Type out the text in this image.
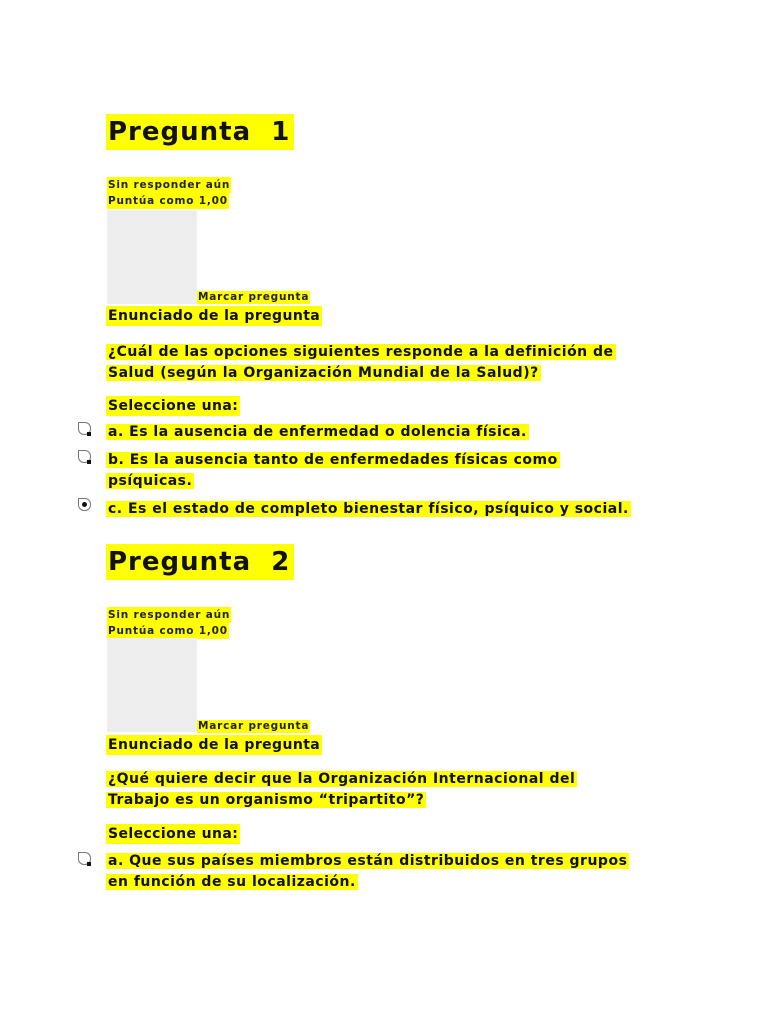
Pregunta  1
Sin responder aún
Puntúa como 1,00
Marcar pregunta
Enunciado de la pregunta
¿Cuál de las opciones siguientes responde a la definición de
Salud (según la Organización Mundial de la Salud)?
Seleccione una:
a. Es la ausencia de enfermedad o dolencia física.
b. Es la ausencia tanto de enfermedades físicas como
psíquicas.
c. Es el estado de completo bienestar físico, psíquico y social.
Pregunta  2
Sin responder aún
Puntúa como 1,00
Marcar pregunta
Enunciado de la pregunta
¿Qué quiere decir que la Organización Internacional del
Trabajo es un organismo “tripartito”?
Seleccione una:
a. Que sus países miembros están distribuidos en tres grupos
en función de su localización.
